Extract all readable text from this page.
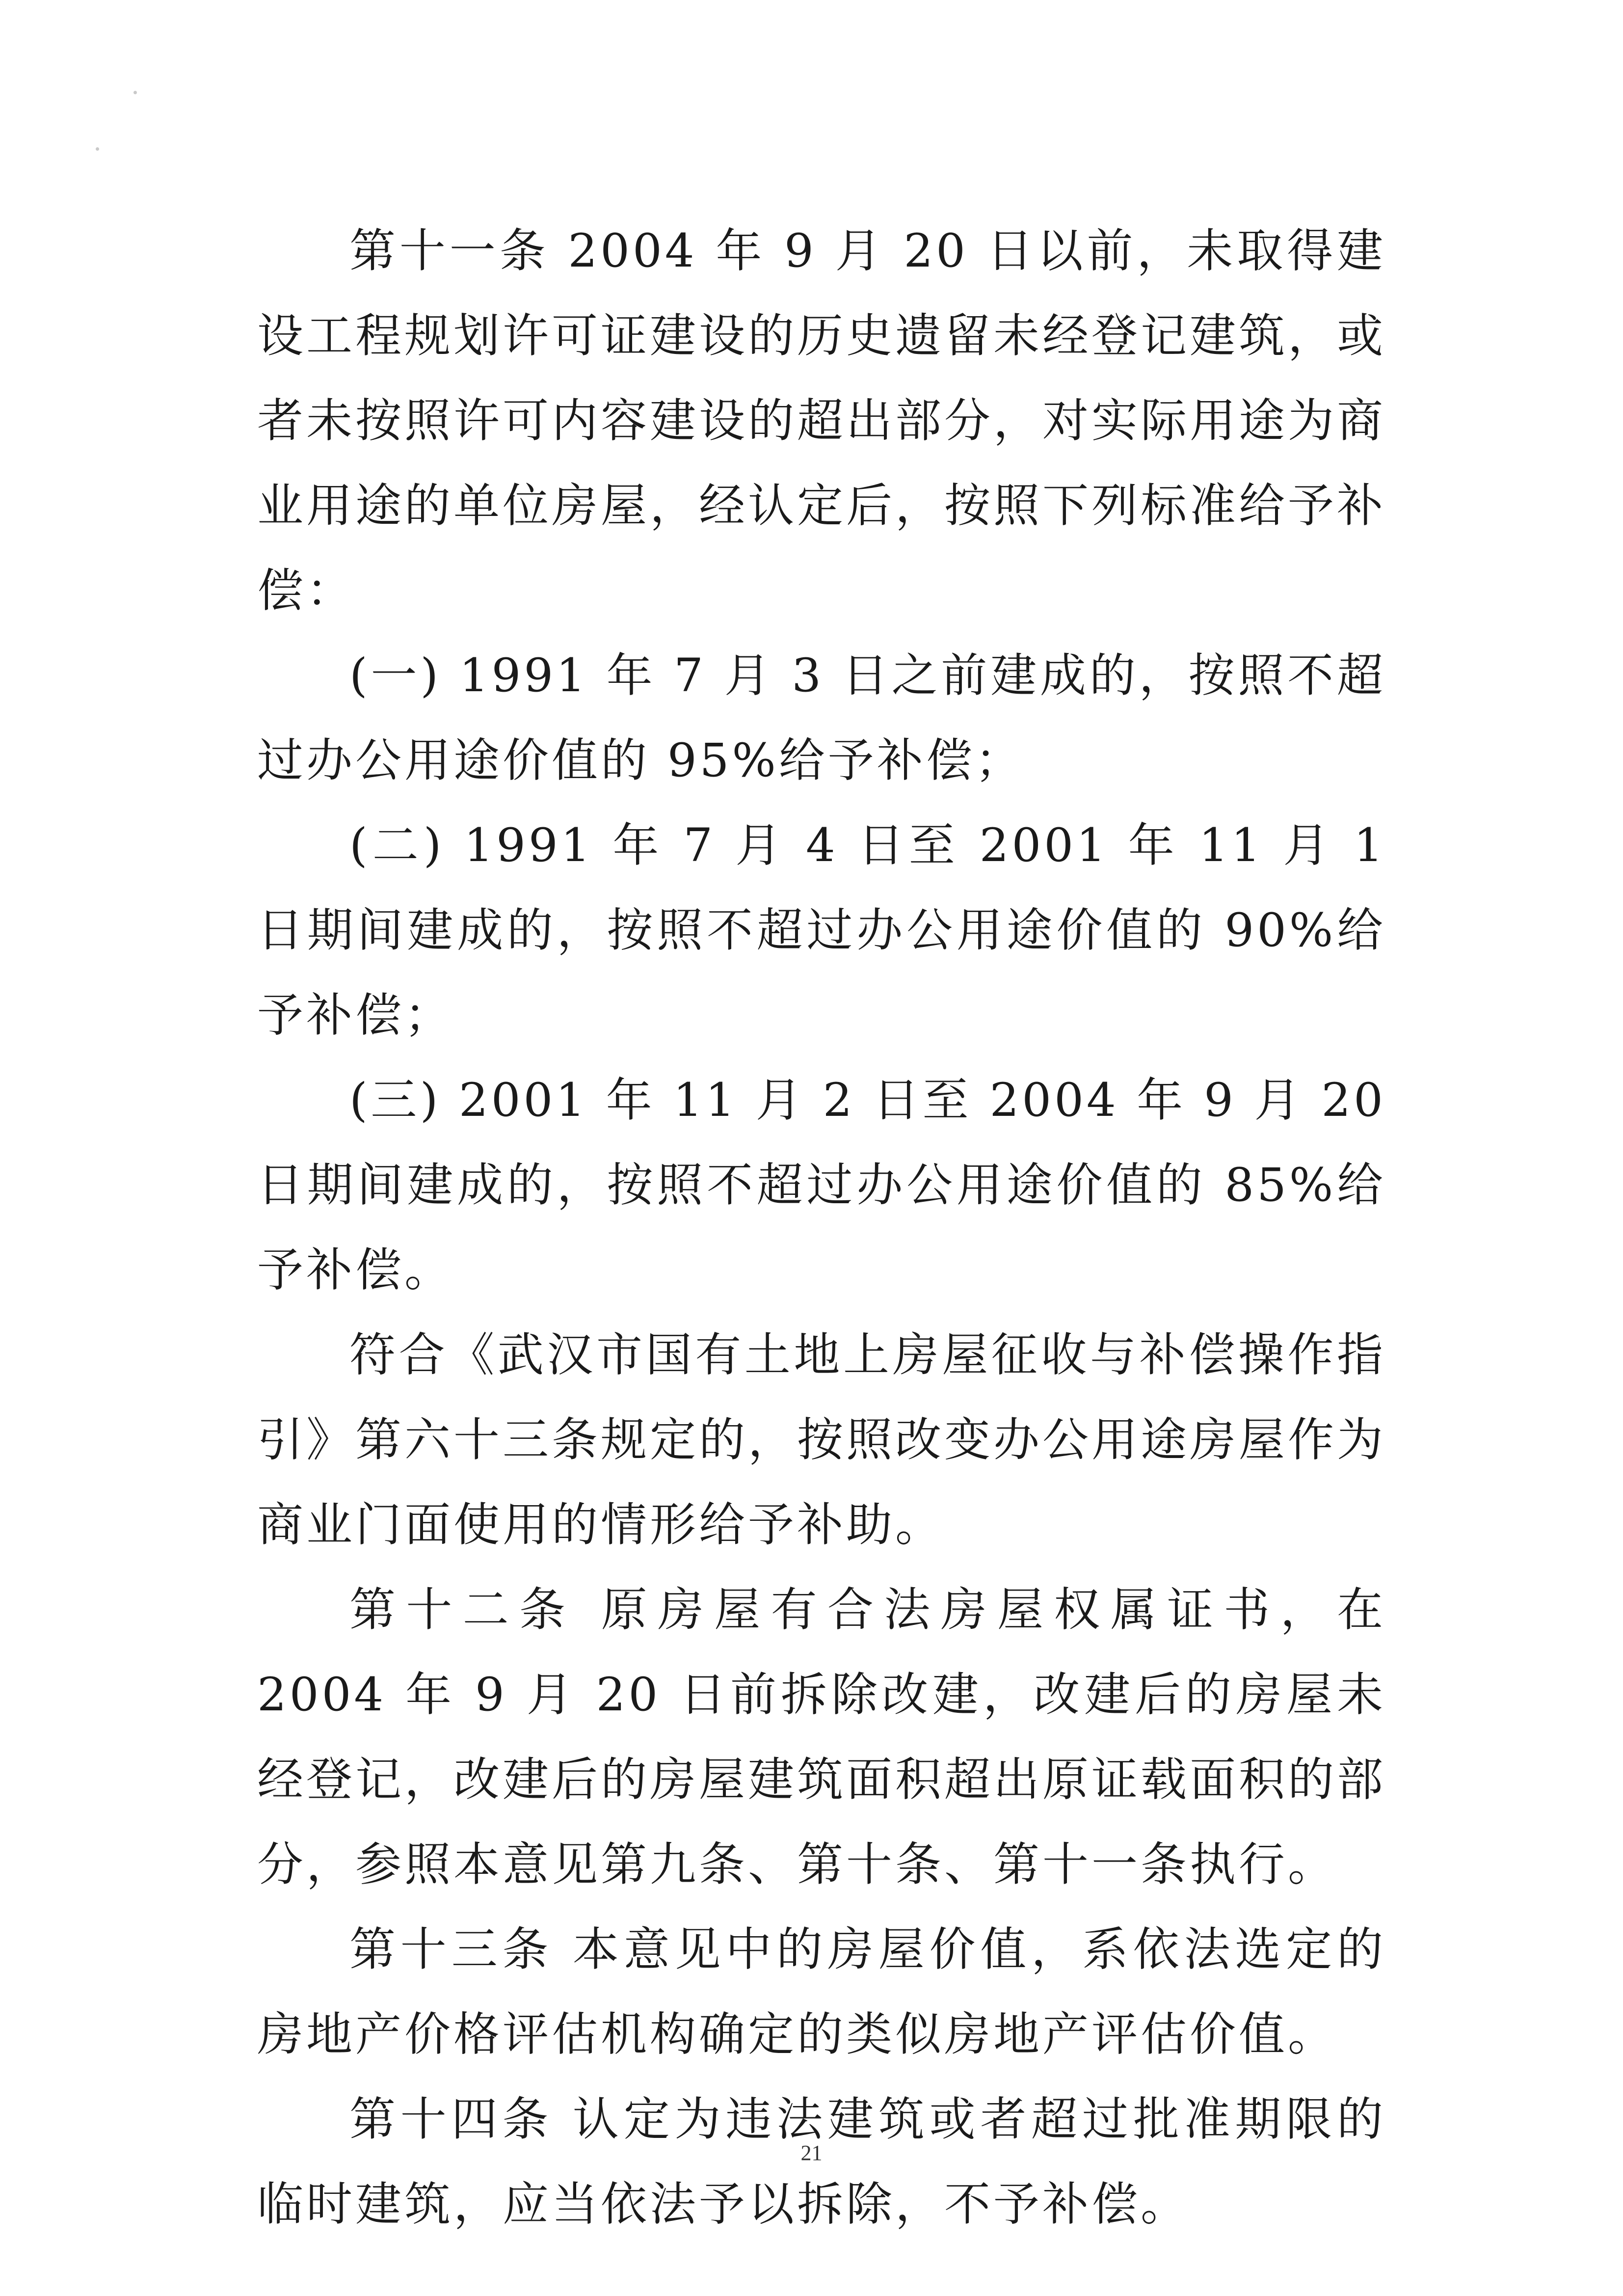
第十一条 2004 年 9 月 20 日以前，未取得建设工程规划许可证建设的历史遗留未经登记建筑，或者未按照许可内容建设的超出部分，对实际用途为商业用途的单位房屋，经认定后，按照下列标准给予补偿：

(一) 1991 年 7 月 3 日之前建成的，按照不超过办公用途价值的 95%给予补偿；

(二) 1991 年 7 月 4 日至 2001 年 11 月 1 日期间建成的，按照不超过办公用途价值的 90%给予补偿；

(三) 2001 年 11 月 2 日至 2004 年 9 月 20 日期间建成的，按照不超过办公用途价值的 85%给予补偿。

符合《武汉市国有土地上房屋征收与补偿操作指引》第六十三条规定的，按照改变办公用途房屋作为商业门面使用的情形给予补助。

第十二条 原房屋有合法房屋权属证书，在 2004 年 9 月 20 日前拆除改建，改建后的房屋未经登记，改建后的房屋建筑面积超出原证载面积的部分，参照本意见第九条、第十条、第十一条执行。

第十三条 本意见中的房屋价值，系依法选定的房地产价格评估机构确定的类似房地产评估价值。

第十四条 认定为违法建筑或者超过批准期限的临时建筑，应当依法予以拆除，不予补偿。

21
